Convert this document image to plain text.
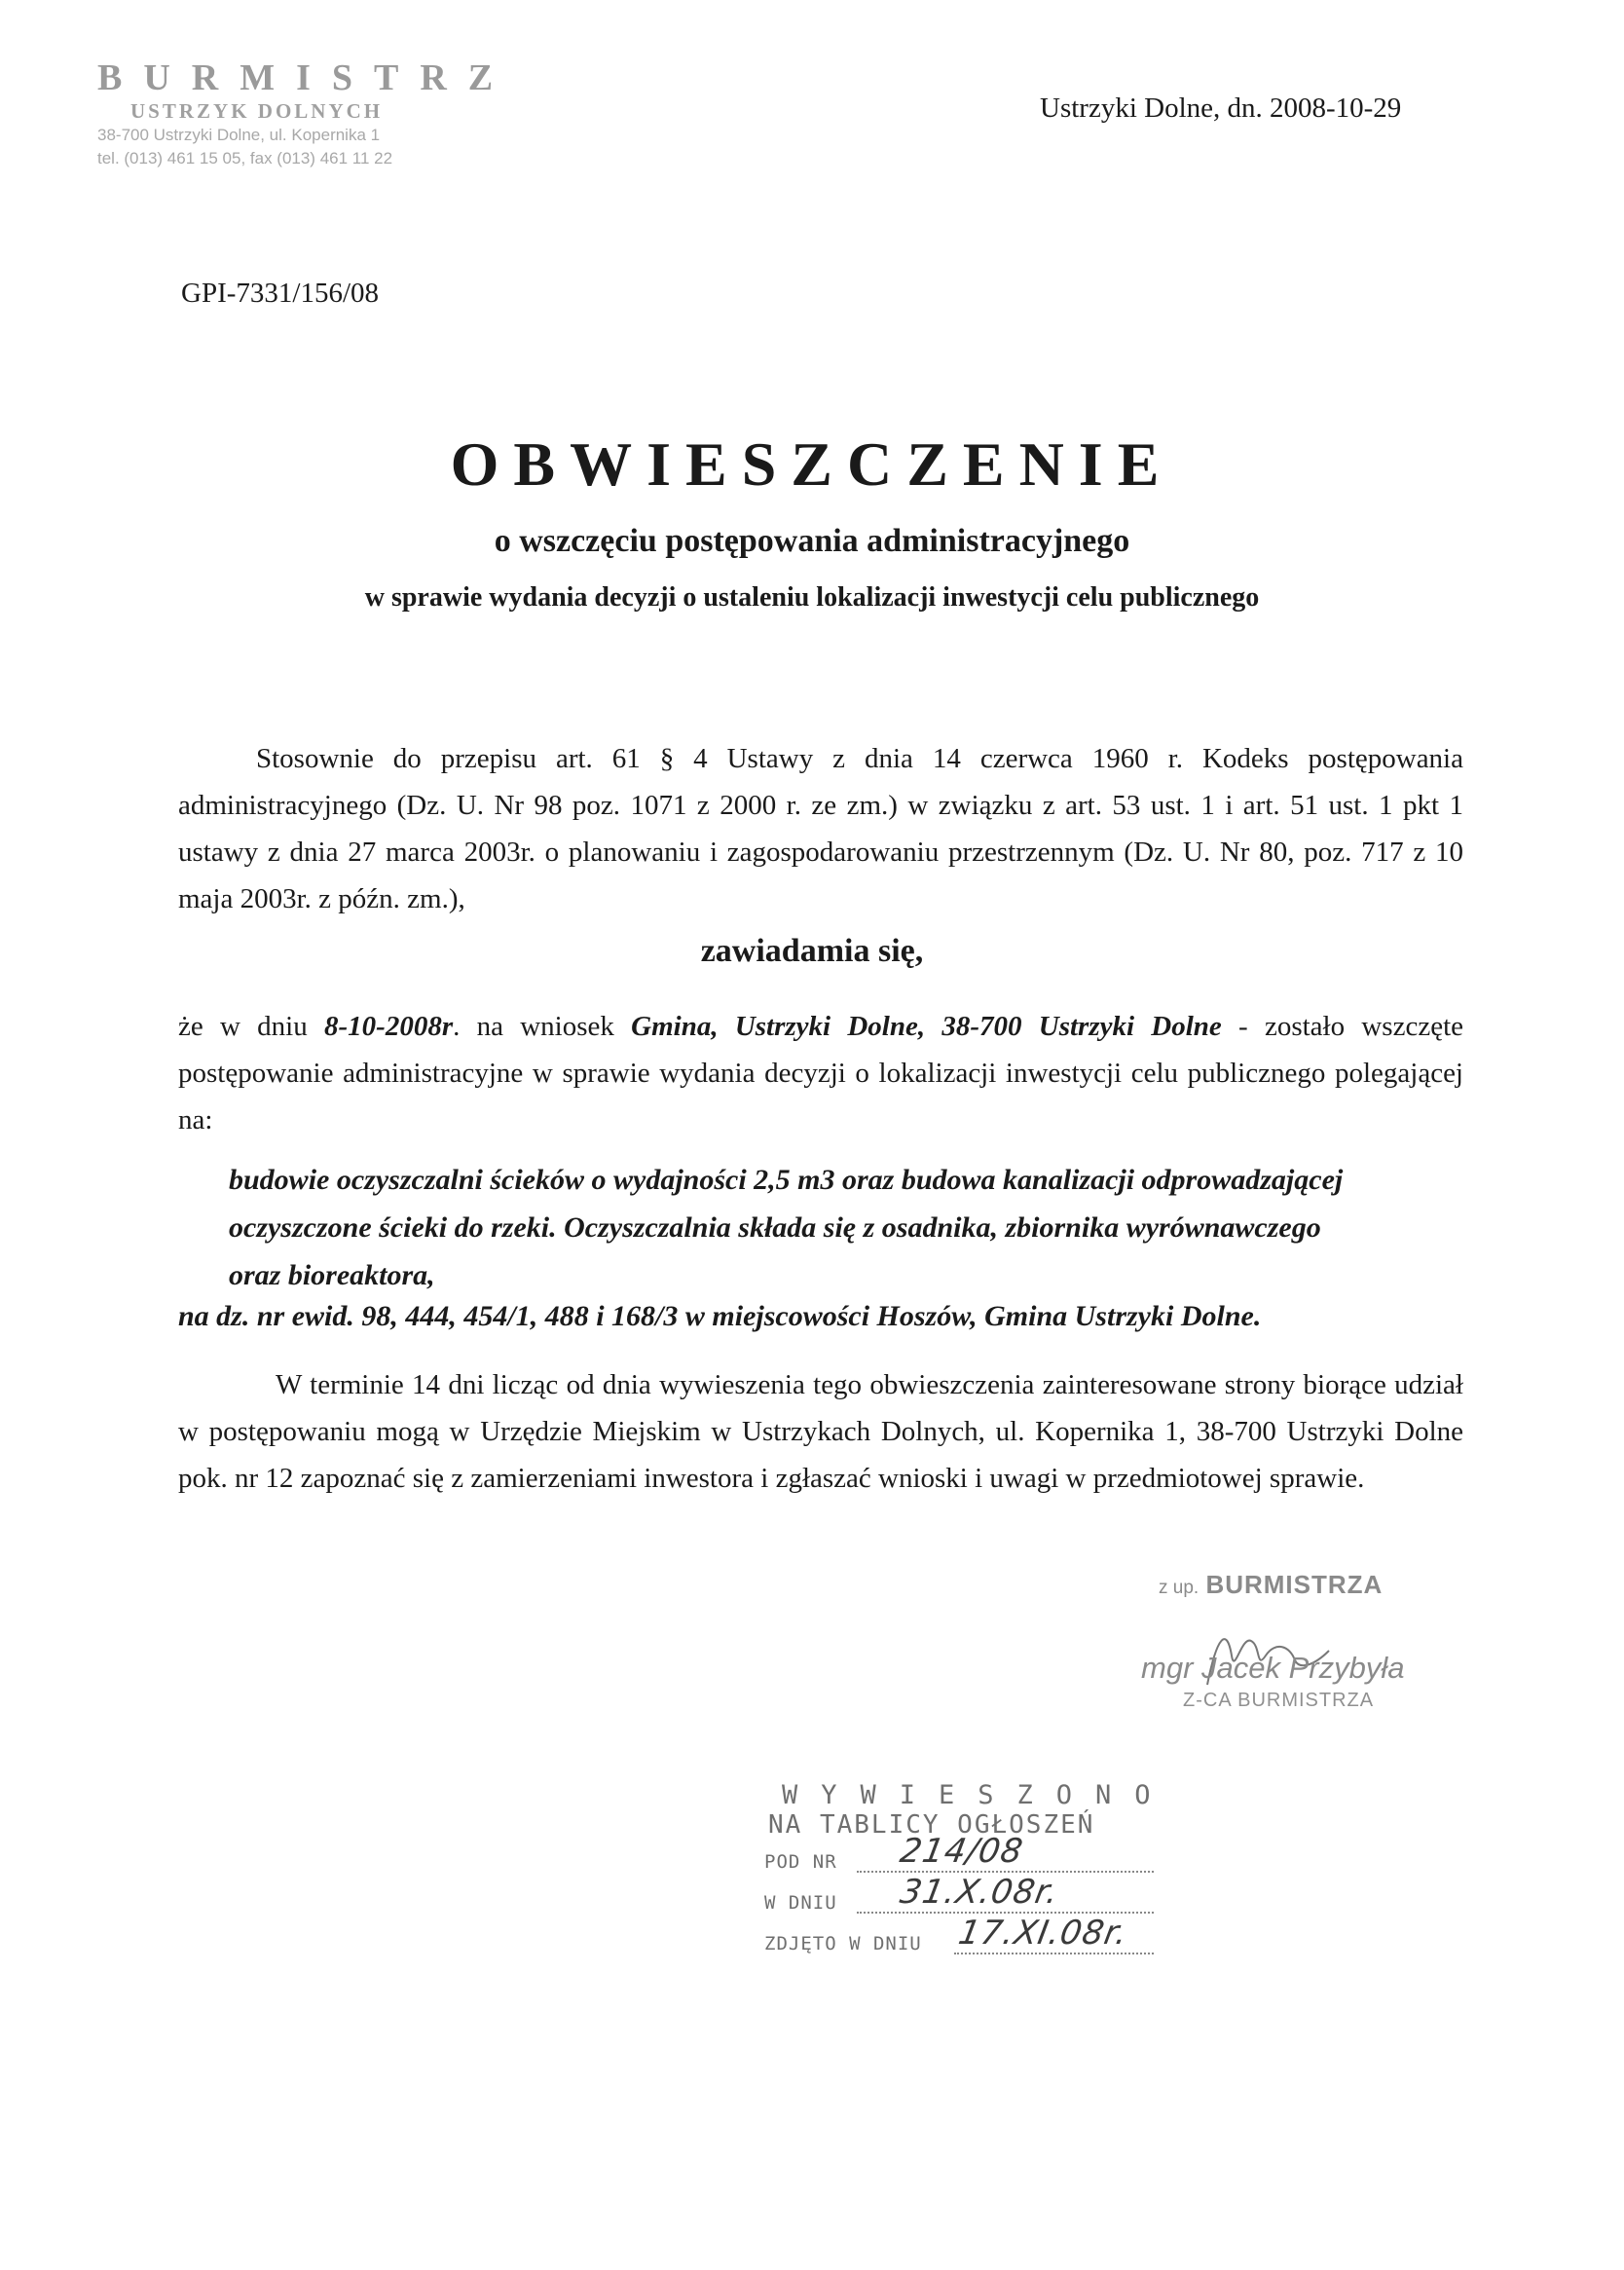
BURMISTRZ
USTRZYK DOLNYCH
38-700 Ustrzyki Dolne, ul. Kopernika 1
tel. (013) 461 15 05, fax (013) 461 11 22
Ustrzyki Dolne, dn. 2008-10-29
GPI-7331/156/08
OBWIESZCZENIE
o wszczęciu postępowania administracyjnego
w sprawie wydania decyzji o ustaleniu lokalizacji inwestycji celu publicznego
Stosownie do przepisu art. 61 § 4 Ustawy z dnia 14 czerwca 1960 r. Kodeks postępowania administracyjnego (Dz. U. Nr 98 poz. 1071 z 2000 r. ze zm.) w związku z art. 53 ust. 1 i art. 51 ust. 1 pkt 1 ustawy z dnia 27 marca 2003r. o planowaniu i zagospodarowaniu przestrzennym (Dz. U. Nr 80, poz. 717 z 10 maja 2003r. z późn. zm.),
zawiadamia się,
że w dniu 8-10-2008r. na wniosek Gmina, Ustrzyki Dolne, 38-700 Ustrzyki Dolne - zostało wszczęte postępowanie administracyjne w sprawie wydania decyzji o lokalizacji inwestycji celu publicznego polegającej na:
budowie oczyszczalni ścieków o wydajności 2,5 m3 oraz budowa kanalizacji odprowadzającej oczyszczone ścieki do rzeki. Oczyszczalnia składa się z osadnika, zbiornika wyrównawczego oraz bioreaktora,
na dz. nr ewid. 98, 444, 454/1, 488 i 168/3 w miejscowości Hoszów, Gmina Ustrzyki Dolne.
W terminie 14 dni licząc od dnia wywieszenia tego obwieszczenia zainteresowane strony biorące udział w postępowaniu mogą w Urzędzie Miejskim w Ustrzykach Dolnych, ul. Kopernika 1, 38-700 Ustrzyki Dolne pok. nr 12 zapoznać się z zamierzeniami inwestora i zgłaszać wnioski i uwagi w przedmiotowej sprawie.
z up. BURMISTRZA
mgr Jacek Przybyła
Z-CA BURMISTRZA
WYWIESZONO
NA TABLICY OGŁOSZEŃ
POD NR 214/08
W DNIU 31.X.08r.
ZDJĘTO W DNIU 17.XI.08r.
